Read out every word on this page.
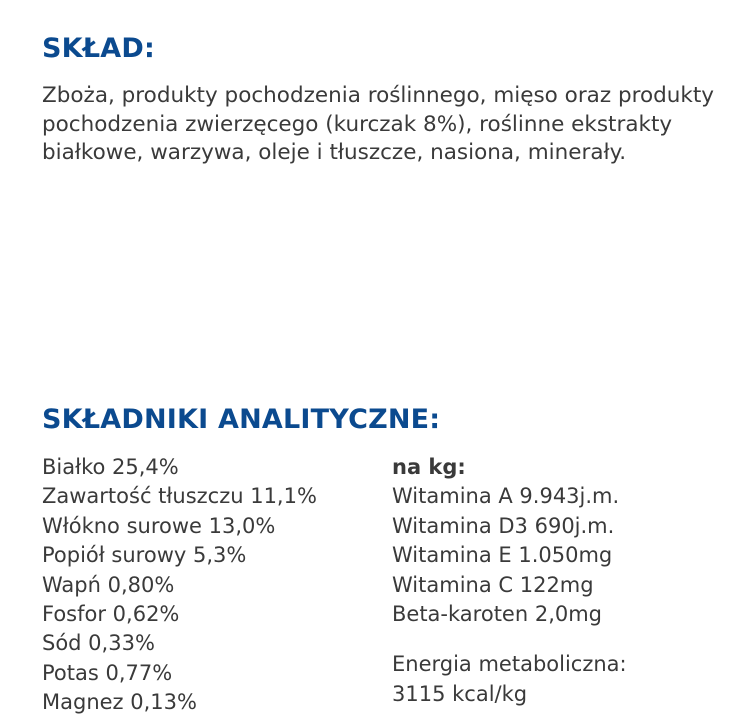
SKŁAD:

Zboża, produkty pochodzenia roślinnego, mięso oraz produkty pochodzenia zwierzęcego (kurczak 8%), roślinne ekstrakty białkowe, warzywa, oleje i tłuszcze, nasiona, minerały.

SKŁADNIKI ANALITYCZNE:
Białko 25,4%
Zawartość tłuszczu 11,1%
Włókno surowe 13,0%
Popiół surowy 5,3%
Wapń 0,80%
Fosfor 0,62%
Sód 0,33%
Potas 0,77%
Magnez 0,13%
na kg:
Witamina A 9.943j.m.
Witamina D3 690j.m.
Witamina E 1.050mg
Witamina C 122mg
Beta-karoten 2,0mg
Energia metaboliczna:
3115 kcal/kg
